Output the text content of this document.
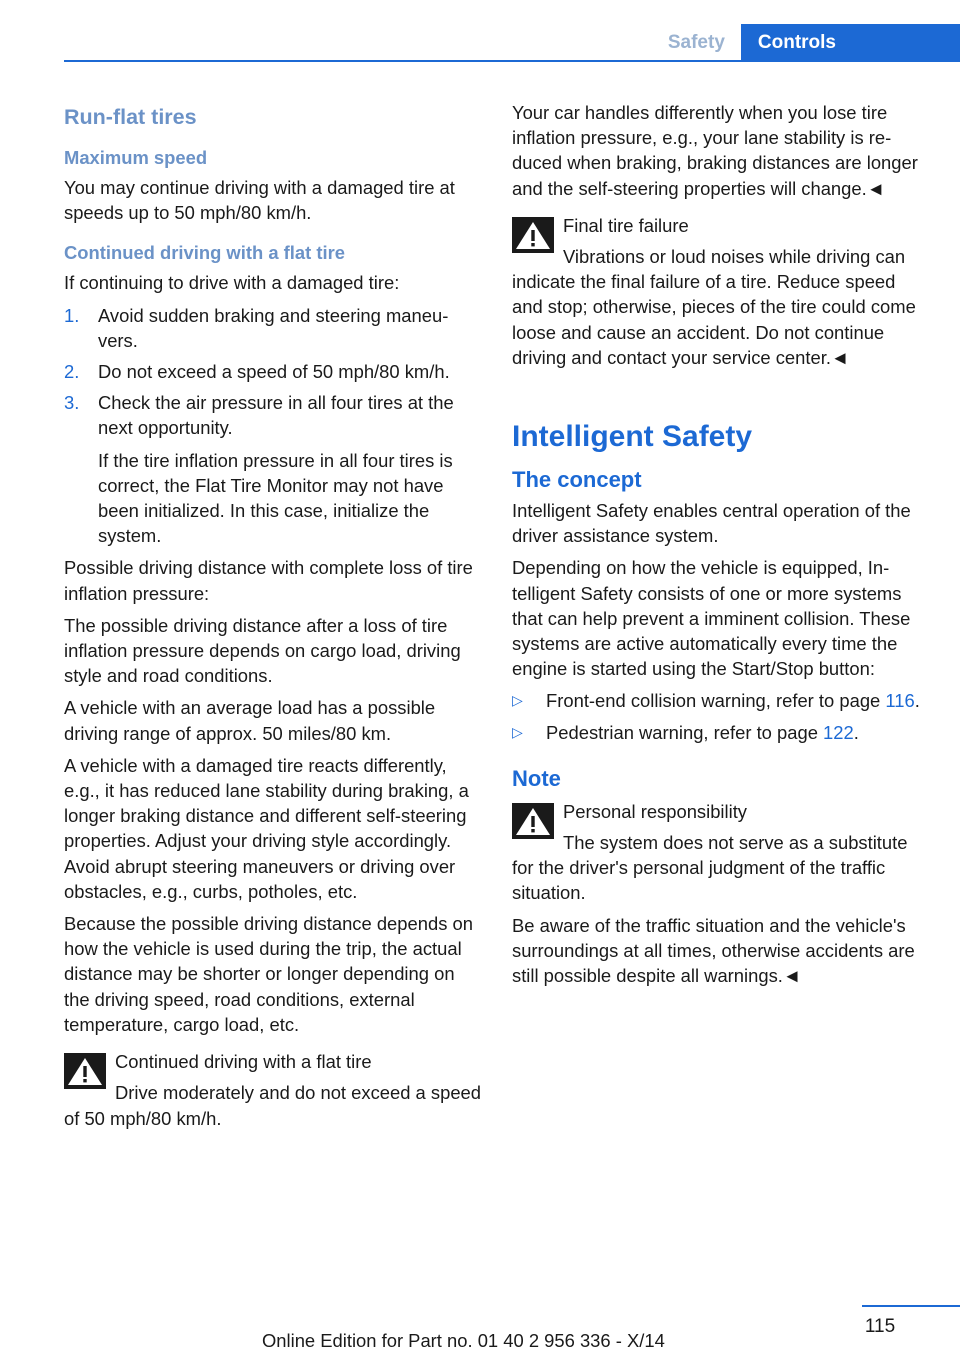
Safety	Controls
Run-flat tires
Maximum speed

You may continue driving with a damaged tire at speeds up to 50 mph/80 km/h.

Continued driving with a flat tire

If continuing to drive with a damaged tire:

1.	Avoid sudden braking and steering maneuvers.
2.	Do not exceed a speed of 50 mph/80 km/h.
3.	Check the air pressure in all four tires at the next opportunity.
If the tire inflation pressure in all four tires is correct, the Flat Tire Monitor may not have been initialized. In this case, initialize the system.

Possible driving distance with complete loss of tire inflation pressure:

The possible driving distance after a loss of tire inflation pressure depends on cargo load, driving style and road conditions.

A vehicle with an average load has a possible driving range of approx. 50 miles/80 km.

A vehicle with a damaged tire reacts differently, e.g., it has reduced lane stability during braking, a longer braking distance and different self-steering properties. Adjust your driving style accordingly. Avoid abrupt steering maneuvers or driving over obstacles, e.g., curbs, potholes, etc.

Because the possible driving distance depends on how the vehicle is used during the trip, the actual distance may be shorter or longer depending on the driving speed, road conditions, external temperature, cargo load, etc.

Continued driving with a flat tire
Drive moderately and do not exceed a speed of 50 mph/80 km/h.

Your car handles differently when you lose tire inflation pressure, e.g., your lane stability is reduced when braking, braking distances are longer and the self-steering properties will change.◄

Final tire failure
Vibrations or loud noises while driving can indicate the final failure of a tire. Reduce speed and stop; otherwise, pieces of the tire could come loose and cause an accident. Do not continue driving and contact your service center.◄
Intelligent Safety
The concept

Intelligent Safety enables central operation of the driver assistance system.

Depending on how the vehicle is equipped, Intelligent Safety consists of one or more systems that can help prevent a imminent collision. These systems are active automatically every time the engine is started using the Start/Stop button:

▷	Front-end collision warning, refer to page 116.
▷	Pedestrian warning, refer to page 122.
Note
Personal responsibility
The system does not serve as a substitute for the driver's personal judgment of the traffic situation.

Be aware of the traffic situation and the vehicle's surroundings at all times, otherwise accidents are still possible despite all warnings.◄

115
Online Edition for Part no. 01 40 2 956 336 - X/14
